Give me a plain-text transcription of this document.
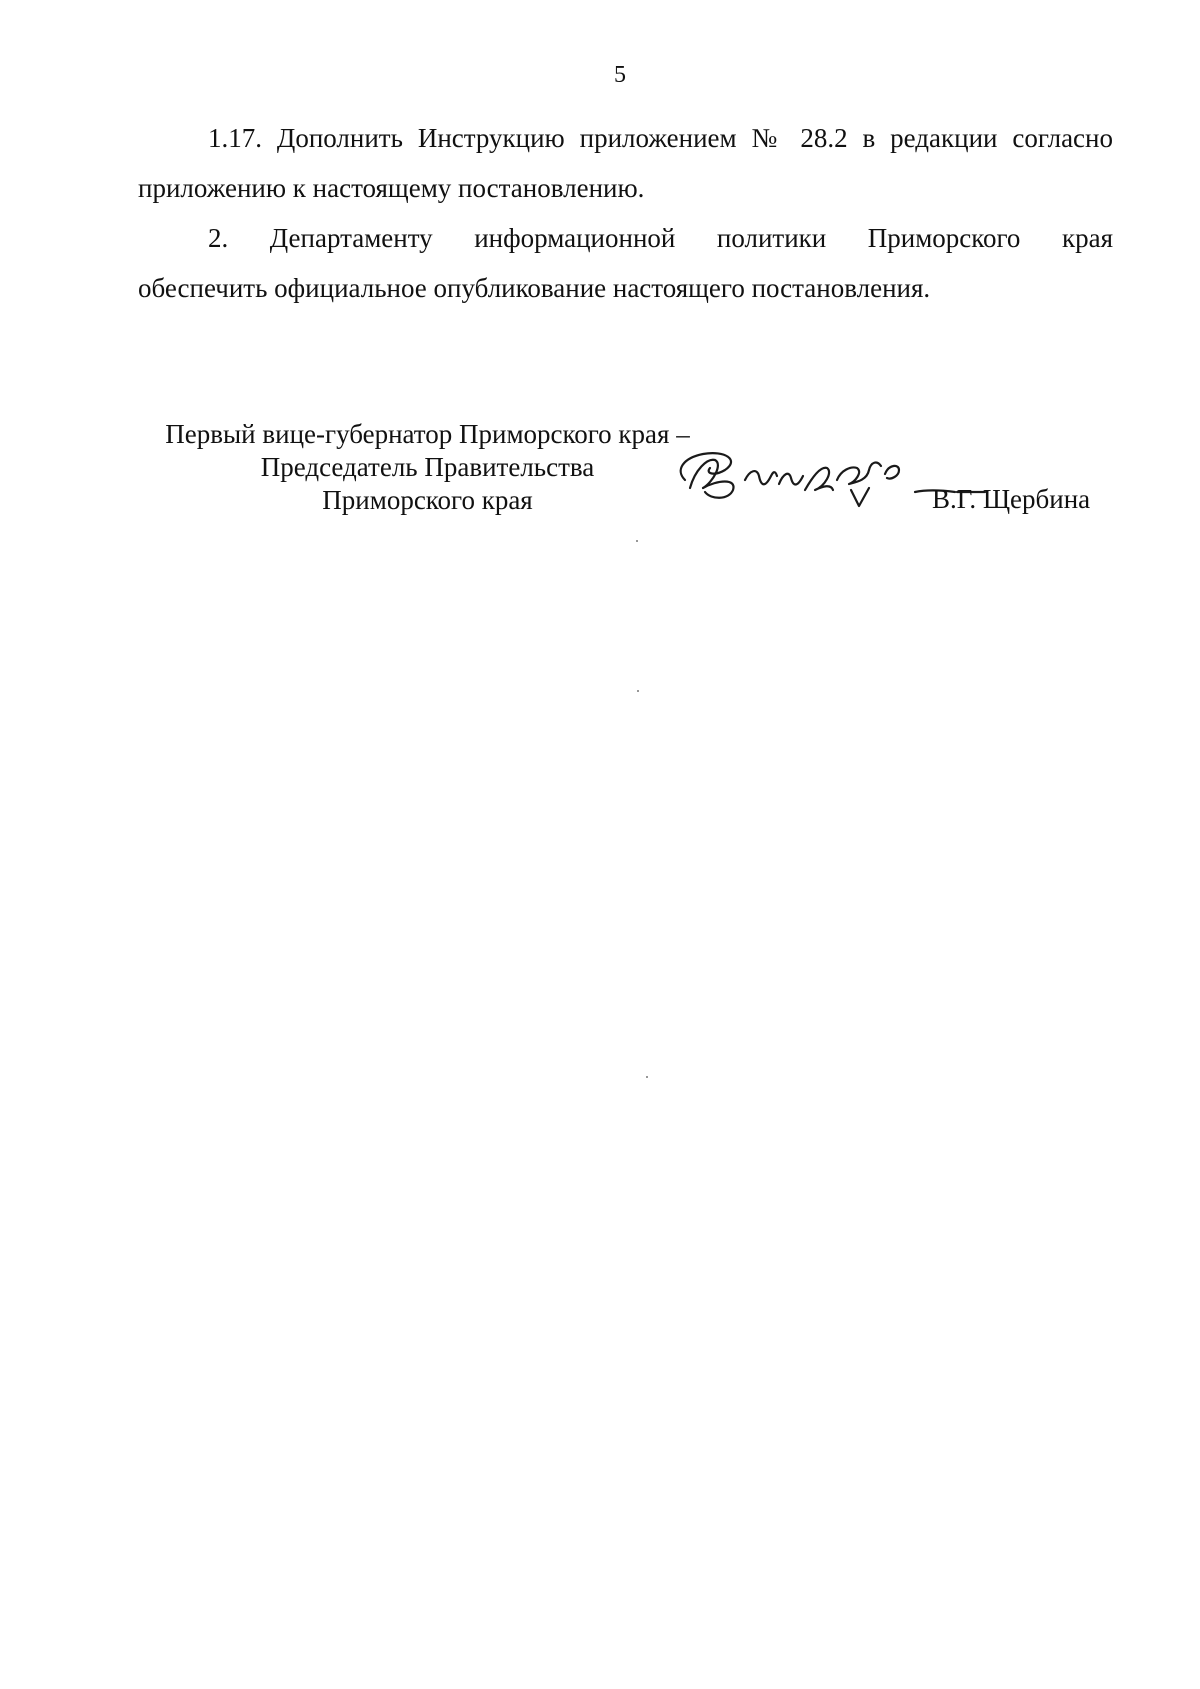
5

1.17. Дополнить Инструкцию приложением № 28.2 в редакции согласно
приложению к настоящему постановлению.

2. Департаменту информационной политики Приморского края
обеспечить официальное опубликование настоящего постановления.

Первый вице-губернатор Приморского края –
Председатель Правительства
Приморского края	В.Г. Щербина
